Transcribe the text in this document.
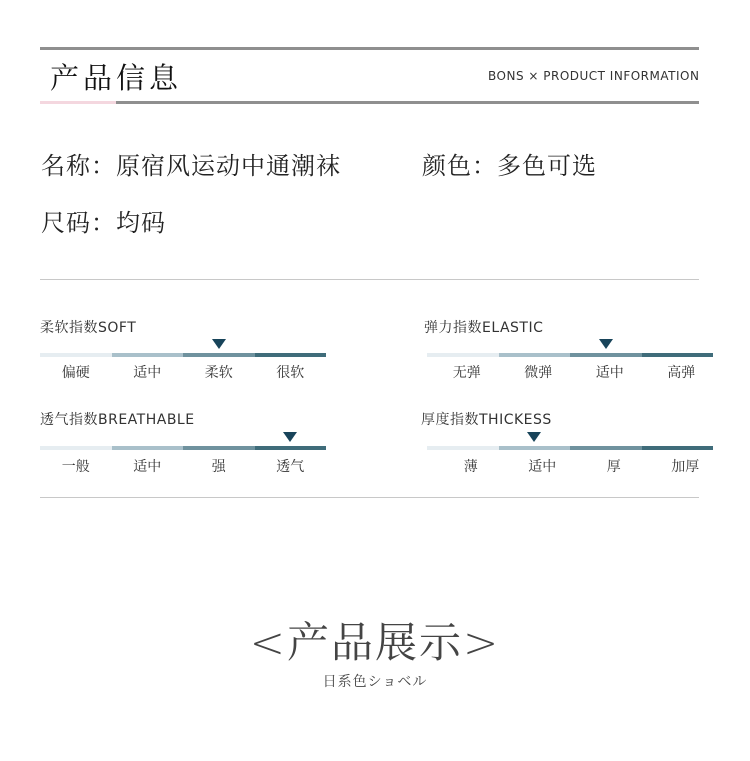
产品信息	BONS × PRODUCT INFORMATION
名称：原宿风运动中通潮袜	颜色：多色可选
尺码：均码
柔软指数SOFT
偏硬	适中	柔软	很软
弹力指数ELASTIC
无弹	微弹	适中	高弹
透气指数BREATHABLE
一般	适中	强	透气
厚度指数THICKESS
薄	适中	厚	加厚
<产品展示>
日系色ショベル
